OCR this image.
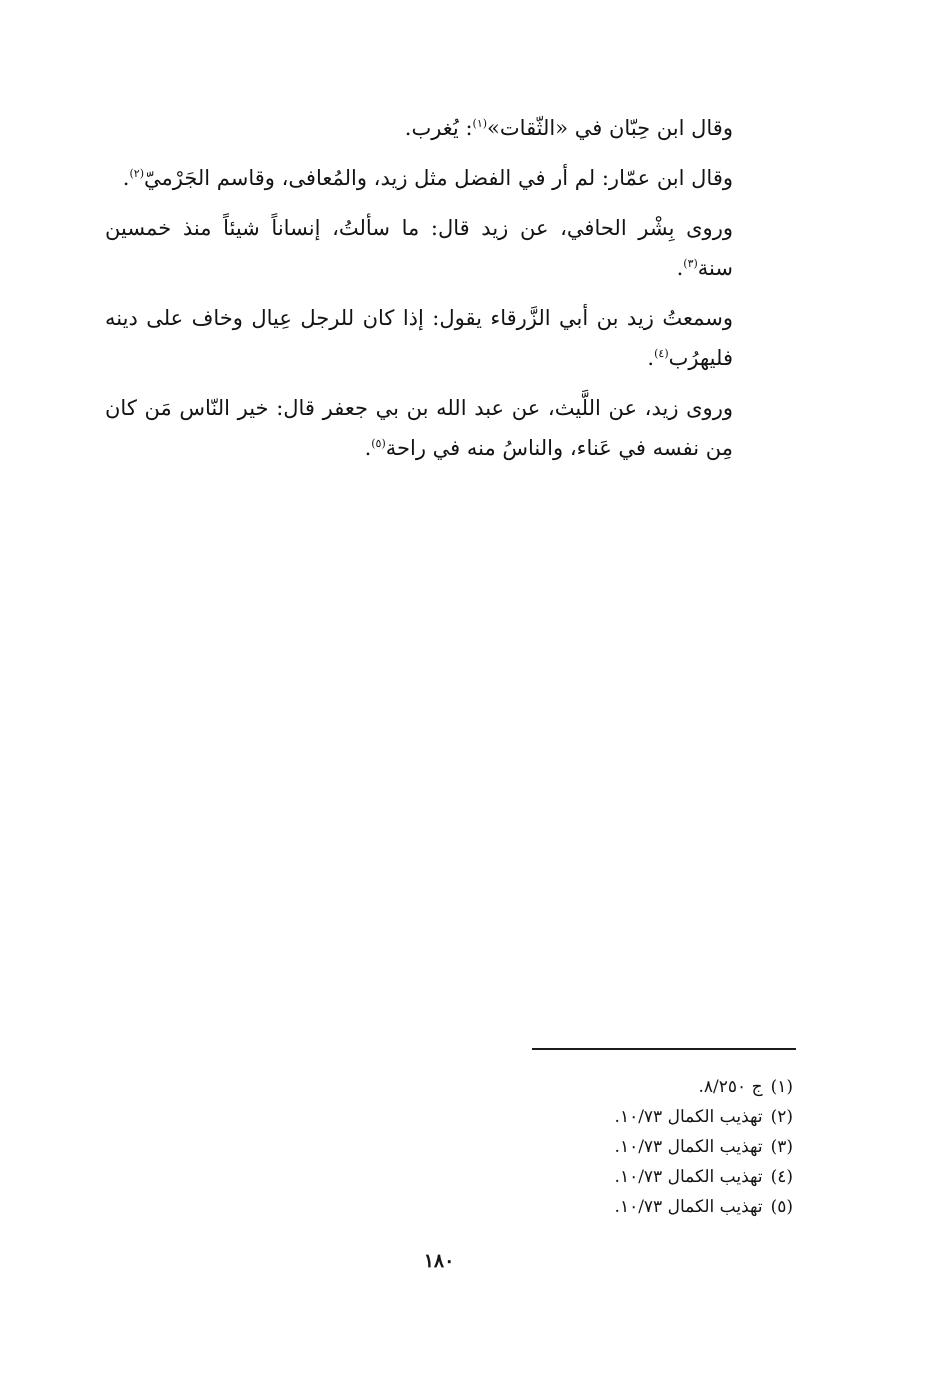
وقال ابن حِبّان في «الثّقات»$^{(١)}$: يُغرب.

وقال ابن عمّار: لم أر في الفضل مثل زيد، والمُعافى، وقاسم الجَرْميّ$^{(٢)}$.

وروى بِشْر الحافي، عن زيد قال: ما سألتُ، إنساناً شيئاً منذ خمسين سنة$^{(٣)}$.

وسمعتُ زيد بن أبي الزَّرقاء يقول: إذا كان للرجل عِيال وخاف على دينه فليهرُب$^{(٤)}$.

وروى زيد، عن اللَّيث، عن عبد الله بن بي جعفر قال: خير النّاس مَن كان مِن نفسه في عَناء، والناسُ منه في راحة$^{(٥)}$.

(١)ج ٨/٢٥٠.
(٢)تهذيب الكمال ١٠/٧٣.
(٣)تهذيب الكمال ١٠/٧٣.
(٤)تهذيب الكمال ١٠/٧٣.
(٥)تهذيب الكمال ١٠/٧٣.
١٨٠
